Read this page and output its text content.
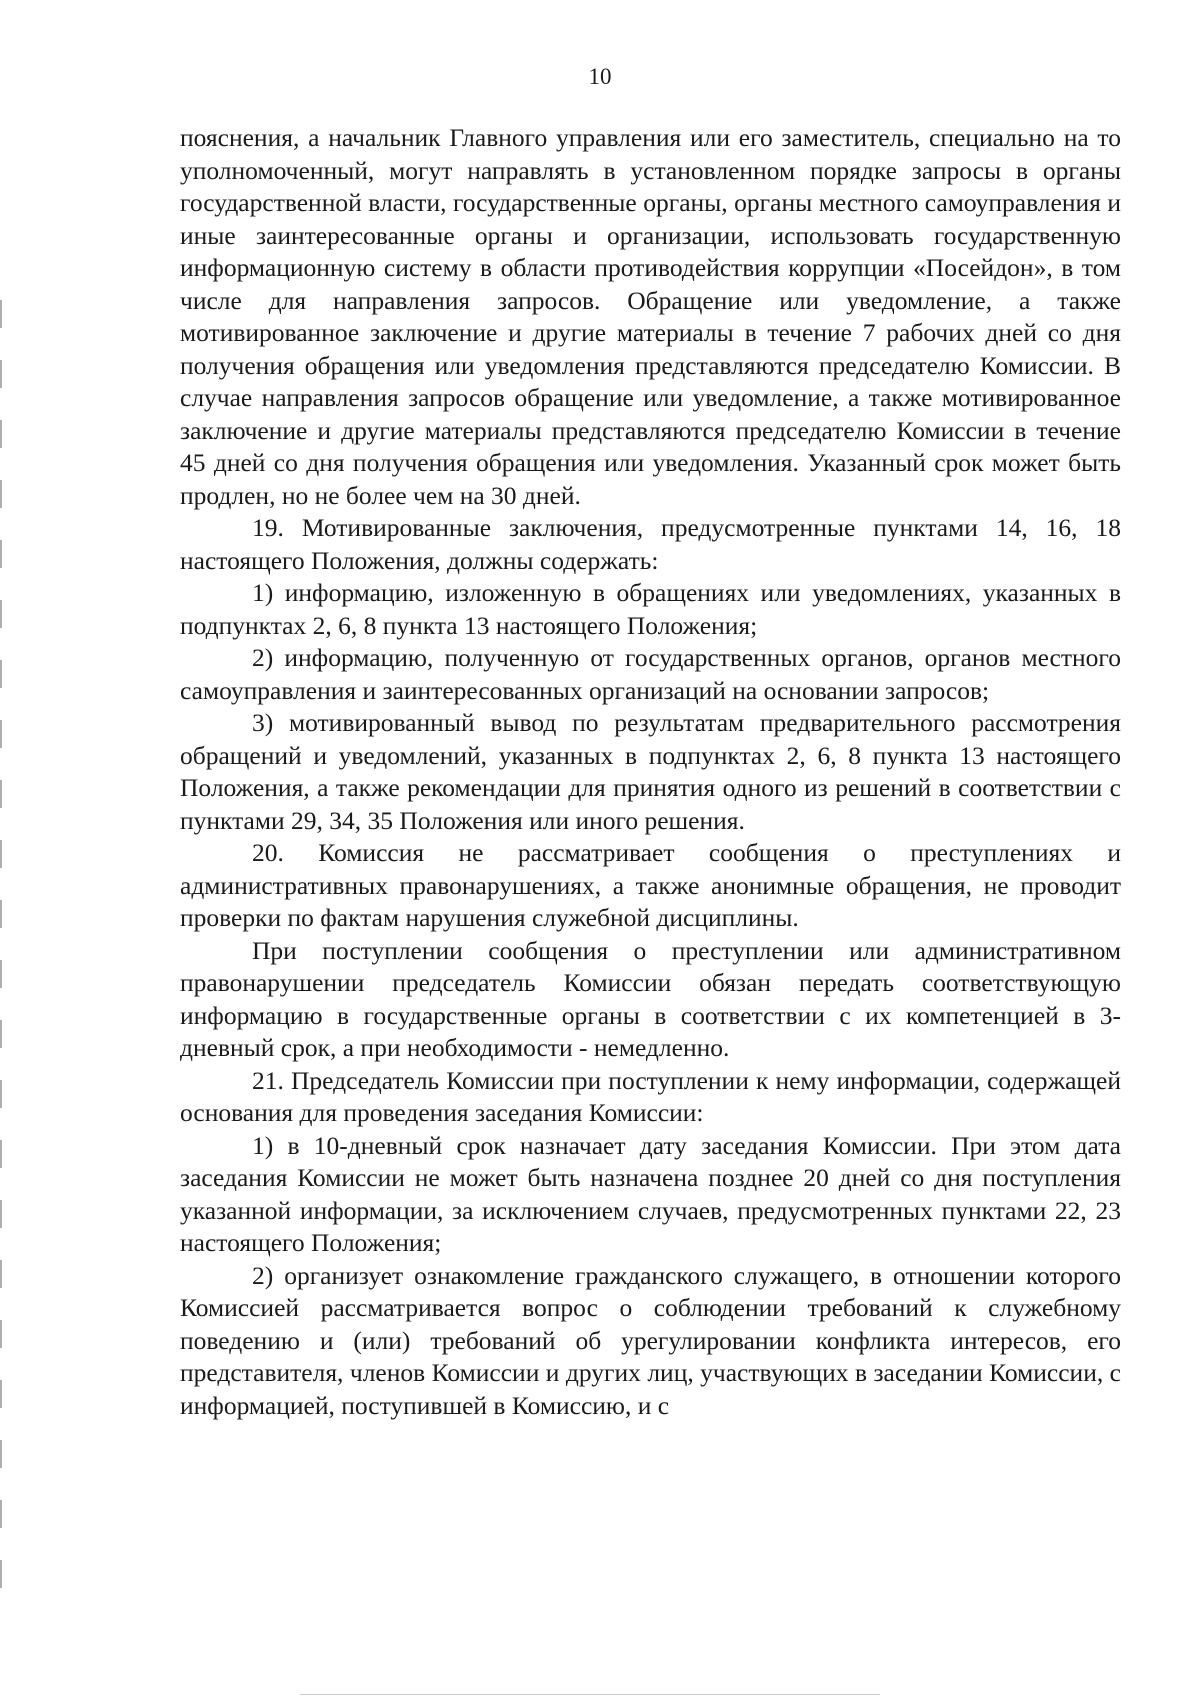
10

пояснения, а начальник Главного управления или его заместитель, специально на то уполномоченный, могут направлять в установленном порядке запросы в органы государственной власти, государственные органы, органы местного самоуправления и иные заинтересованные органы и организации, использовать государственную информационную систему в области противодействия коррупции «Посейдон», в том числе для направления запросов. Обращение или уведомление, а также мотивированное заключение и другие материалы в течение 7 рабочих дней со дня получения обращения или уведомления представляются председателю Комиссии. В случае направления запросов обращение или уведомление, а также мотивированное заключение и другие материалы представляются председателю Комиссии в течение 45 дней со дня получения обращения или уведомления. Указанный срок может быть продлен, но не более чем на 30 дней.

19. Мотивированные заключения, предусмотренные пунктами 14, 16, 18 настоящего Положения, должны содержать:

1) информацию, изложенную в обращениях или уведомлениях, указанных в подпунктах 2, 6, 8 пункта 13 настоящего Положения;

2) информацию, полученную от государственных органов, органов местного самоуправления и заинтересованных организаций на основании запросов;

3) мотивированный вывод по результатам предварительного рассмотрения обращений и уведомлений, указанных в подпунктах 2, 6, 8 пункта 13 настоящего Положения, а также рекомендации для принятия одного из решений в соответствии с пунктами 29, 34, 35 Положения или иного решения.

20. Комиссия не рассматривает сообщения о преступлениях и административных правонарушениях, а также анонимные обращения, не проводит проверки по фактам нарушения служебной дисциплины.

При поступлении сообщения о преступлении или административном правонарушении председатель Комиссии обязан передать соответствующую информацию в государственные органы в соответствии с их компетенцией в 3-дневный срок, а при необходимости - немедленно.

21. Председатель Комиссии при поступлении к нему информации, содержащей основания для проведения заседания Комиссии:

1) в 10-дневный срок назначает дату заседания Комиссии. При этом дата заседания Комиссии не может быть назначена позднее 20 дней со дня поступления указанной информации, за исключением случаев, предусмотренных пунктами 22, 23 настоящего Положения;

2) организует ознакомление гражданского служащего, в отношении которого Комиссией рассматривается вопрос о соблюдении требований к служебному поведению и (или) требований об урегулировании конфликта интересов, его представителя, членов Комиссии и других лиц, участвующих в заседании Комиссии, с информацией, поступившей в Комиссию, и с
